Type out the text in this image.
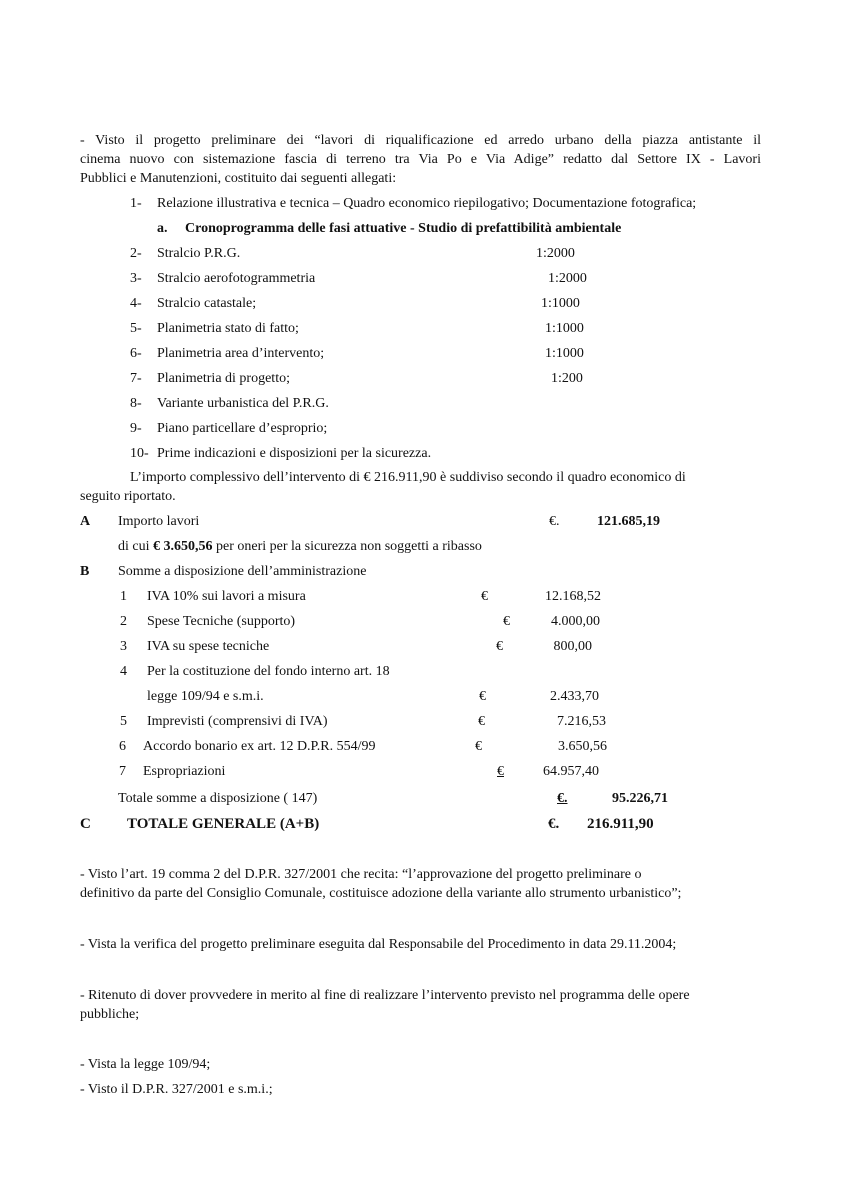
- Visto il progetto preliminare dei “lavori di riqualificazione ed arredo urbano della piazza antistante il
cinema nuovo con sistemazione fascia di terreno tra Via Po e Via Adige” redatto dal Settore IX - Lavori
Pubblici e Manutenzioni, costituito dai seguenti allegati:
1- Relazione illustrativa e tecnica – Quadro economico riepilogativo; Documentazione fotografica;
a. Cronoprogramma delle fasi attuative - Studio di prefattibilità ambientale
2- Stralcio P.R.G.	1:2000
3- Stralcio aerofotogrammetria	1:2000
4- Stralcio catastale;	1:1000
5- Planimetria stato di fatto;	1:1000
6- Planimetria area d’intervento;	1:1000
7- Planimetria di progetto;	1:200
8- Variante urbanistica del P.R.G.
9- Piano particellare d’esproprio;
10- Prime indicazioni e disposizioni per la sicurezza.
L’importo complessivo dell’intervento di € 216.911,90 è suddiviso secondo il quadro economico di
seguito riportato.
A Importo lavori	€.	121.685,19
di cui € 3.650,56 per oneri per la sicurezza non soggetti a ribasso
B Somme a disposizione dell’amministrazione
1 IVA 10% sui lavori a misura	€	12.168,52
2 Spese Tecniche (supporto)	€	4.000,00
3 IVA su spese tecniche	€	800,00
4 Per la costituzione del fondo interno art. 18
legge 109/94 e s.m.i.	€	2.433,70
5 Imprevisti (comprensivi di IVA)	€	7.216,53
6 Accordo bonario ex art. 12 D.P.R. 554/99	€	3.650,56
7 Espropriazioni	€	64.957,40
Totale somme a disposizione ( 147)	€.	95.226,71
C TOTALE GENERALE (A+B)	€. 216.911,90
- Visto l’art. 19 comma 2 del D.P.R. 327/2001 che recita: “l’approvazione del progetto preliminare o
definitivo da parte del Consiglio Comunale, costituisce adozione della variante allo strumento urbanistico”;
- Vista la verifica del progetto preliminare eseguita dal Responsabile del Procedimento in data 29.11.2004;
- Ritenuto di dover provvedere in merito al fine di realizzare l’intervento previsto nel programma delle opere
pubbliche;
- Vista la legge 109/94;
- Visto il D.P.R. 327/2001 e s.m.i.;
